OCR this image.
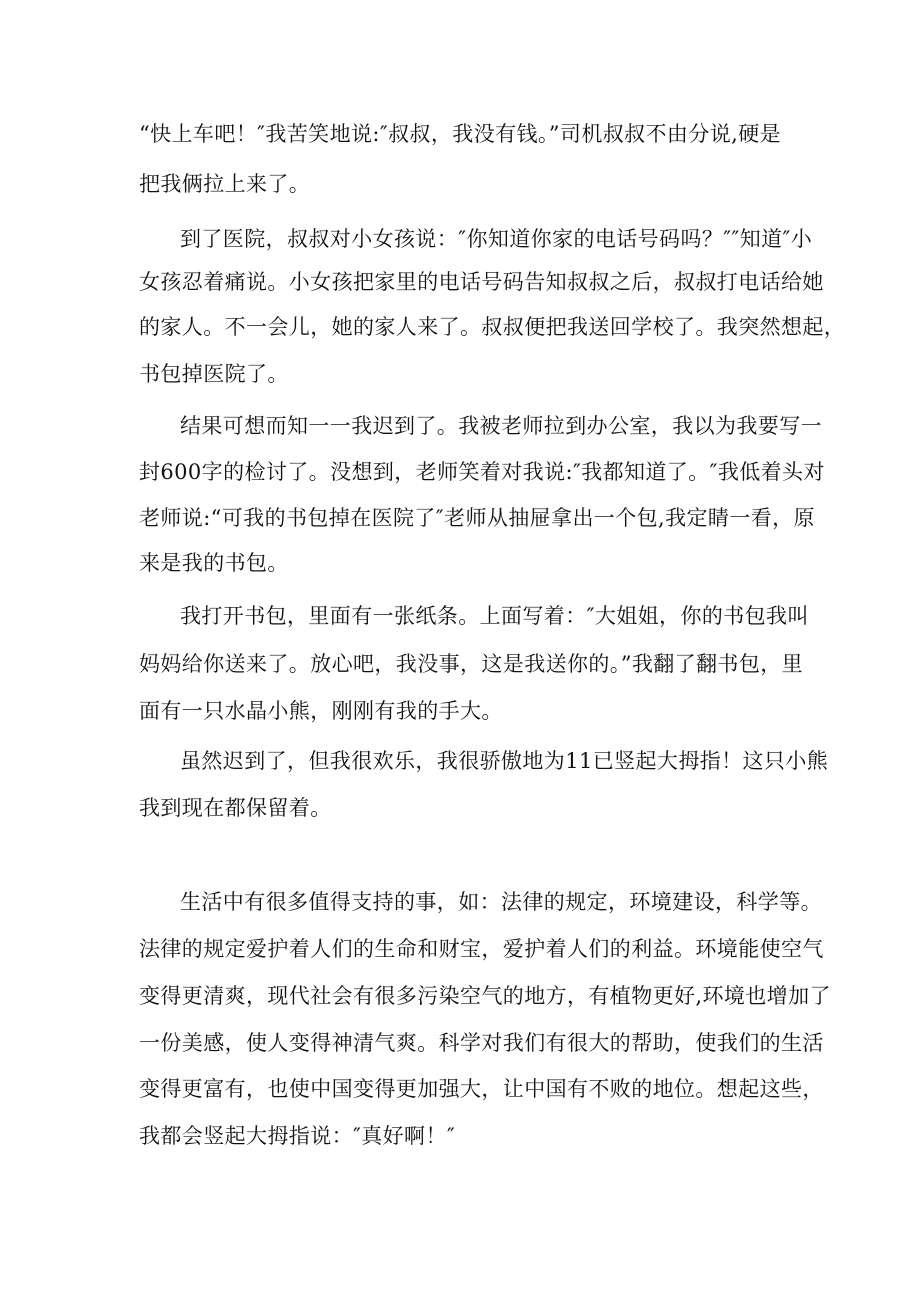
“快上车吧！″我苦笑地说:″叔叔，我没有钱。”司机叔叔不由分说,硬是

把我俩拉上来了。

到了医院，叔叔对小女孩说：″你知道你家的电话号码吗？″″知道″小

女孩忍着痛说。小女孩把家里的电话号码告知叔叔之后，叔叔打电话给她

的家人。不一会儿，她的家人来了。叔叔便把我送回学校了。我突然想起，

书包掉医院了。

结果可想而知一一我迟到了。我被老师拉到办公室，我以为我要写一

封600字的检讨了。没想到，老师笑着对我说:″我都知道了。″我低着头对

老师说:“可我的书包掉在医院了″老师从抽屉拿出一个包,我定睛一看，原

来是我的书包。

我打开书包，里面有一张纸条。上面写着：″大姐姐，你的书包我叫

妈妈给你送来了。放心吧，我没事，这是我送你的。”我翻了翻书包，里

面有一只水晶小熊，刚刚有我的手大。

虽然迟到了，但我很欢乐，我很骄傲地为11已竖起大拇指！这只小熊

我到现在都保留着。

生活中有很多值得支持的事，如：法律的规定，环境建设，科学等。

法律的规定爱护着人们的生命和财宝，爱护着人们的利益。环境能使空气

变得更清爽，现代社会有很多污染空气的地方，有植物更好,环境也增加了

一份美感，使人变得神清气爽。科学对我们有很大的帮助，使我们的生活

变得更富有，也使中国变得更加强大，让中国有不败的地位。想起这些，

我都会竖起大拇指说：″真好啊！″
